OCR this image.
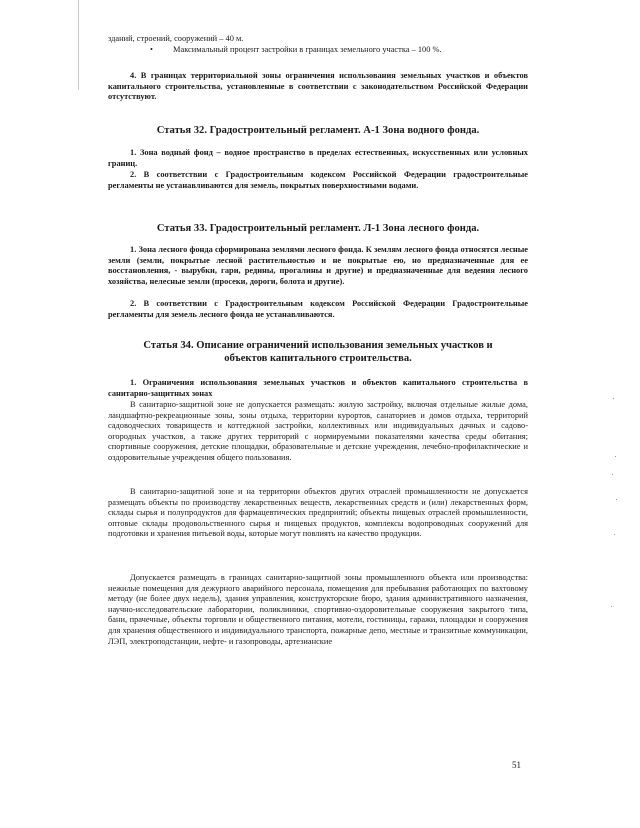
зданий, строений, сооружений – 40 м.

• Максимальный процент застройки в границах земельного участка – 100 %.

4. В границах территориальной зоны ограничения использования земельных участков и объектов капитального строительства, установленные в соответствии с законодательством Российской Федерации отсутствуют.

Статья 32. Градостроительный регламент. А-1 Зона водного фонда.

1. Зона водный фонд – водное пространство в пределах естественных, искусственных или условных границ.

2. В соответствии с Градостроительным кодексом Российской Федерации градостроительные регламенты не устанавливаются для земель, покрытых поверхностными водами.

Статья 33. Градостроительный регламент. Л-1 Зона лесного фонда.

1. Зона лесного фонда сформирована землями лесного фонда. К землям лесного фонда относятся лесные земли (земли, покрытые лесной растительностью и не покрытые ею, но предназначенные для ее восстановления, - вырубки, гари, редины, прогалины и другие) и предназначенные для ведения лесного хозяйства, нелесные земли (просеки, дороги, болота и другие).

2. В соответствии с Градостроительным кодексом Российской Федерации Градостроительные регламенты для земель лесного фонда не устанавливаются.

Статья 34. Описание ограничений использования земельных участков и
объектов капитального строительства.

1. Ограничения использования земельных участков и объектов капитального строительства в санитарно-защитных зонах

В санитарно-защитной зоне не допускается размещать: жилую застройку, включая отдельные жилые дома, ландшафтно-рекреационные зоны, зоны отдыха, территории курортов, санаториев и домов отдыха, территорий садоводческих товариществ и коттеджной застройки, коллективных или индивидуальных дачных и садово-огородных участков, а также других территорий с нормируемыми показателями качества среды обитания; спортивные сооружения, детские площадки, образовательные и детские учреждения, лечебно-профилактические и оздоровительные учреждения общего пользования.

В санитарно-защитной зоне и на территории объектов других отраслей промышленности не допускается размещать объекты по производству лекарственных веществ, лекарственных средств и (или) лекарственных форм, склады сырья и полупродуктов для фармацевтических предприятий; объекты пищевых отраслей промышленности, оптовые склады продовольственного сырья и пищевых продуктов, комплексы водопроводных сооружений для подготовки и хранения питьевой воды, которые могут повлиять на качество продукции.

Допускается размещать в границах санитарно-защитной зоны промышленного объекта или производства: нежилые помещения для дежурного аварийного персонала, помещения для пребывания работающих по вахтовому методу (не более двух недель), здания управления, конструкторские бюро, здания административного назначения, научно-исследовательские лаборатории, поликлиники, спортивно-оздоровительные сооружения закрытого типа, бани, прачечные, объекты торговли и общественного питания, мотели, гостиницы, гаражи, площадки и сооружения для хранения общественного и индивидуального транспорта, пожарные депо, местные и транзитные коммуникации, ЛЭП, электроподстанции, нефте- и газопроводы, артезианские

51
